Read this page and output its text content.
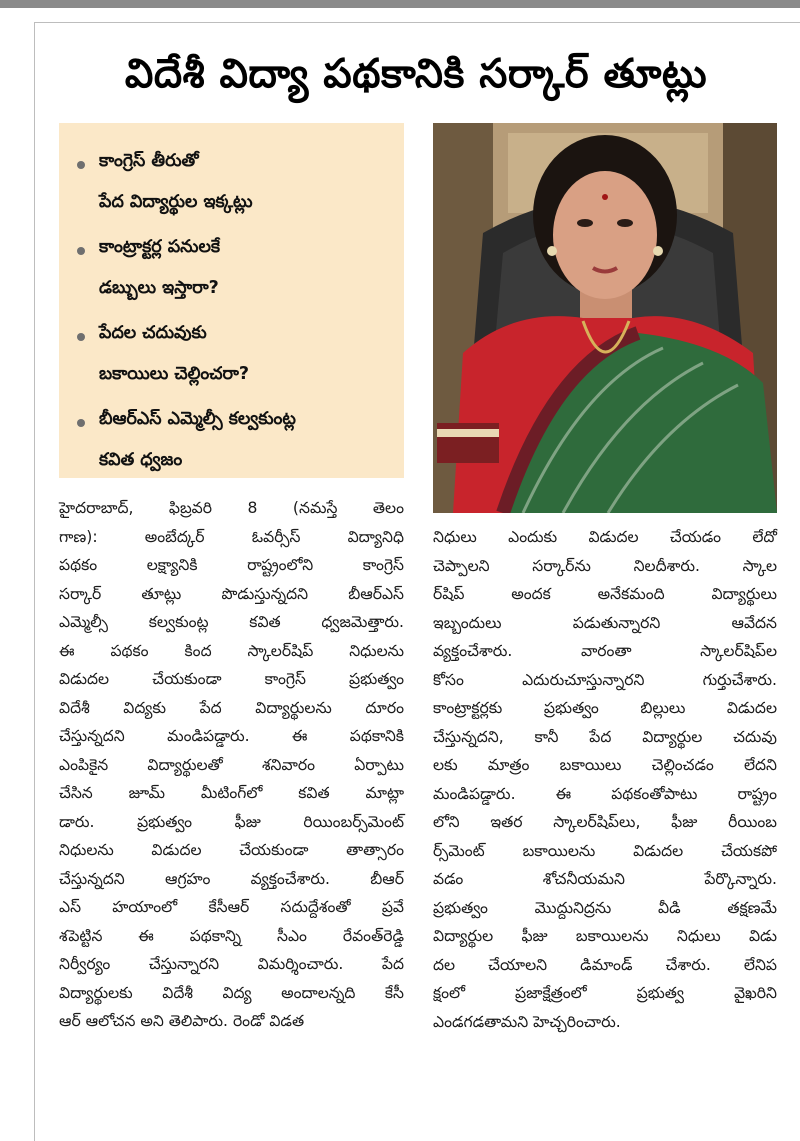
విదేశీ విద్యా పథకానికి సర్కార్ తూట్లు
కాంగ్రెస్ తీరుతో
పేద విద్యార్థుల ఇక్కట్లు
కాంట్రాక్టర్ల పనులకే
డబ్బులు ఇస్తారా?
పేదల చదువుకు
బకాయిలు చెల్లించరా?
బీఆర్ఎస్ ఎమ్మెల్సీ కల్వకుంట్ల
కవిత ధ్వజం

హైదరాబాద్, ఫిబ్రవరి 8 (నమస్తే తెలం

గాణ): అంబేద్కర్ ఓవర్సీస్ విద్యానిధి

పథకం లక్ష్యానికి రాష్ట్రంలోని కాంగ్రెస్

సర్కార్ తూట్లు పొడుస్తున్నదని బీఆర్ఎస్

ఎమ్మెల్సీ కల్వకుంట్ల కవిత ధ్వజమెత్తారు.

ఈ పథకం కింద స్కాలర్‌షిప్ నిధులను

విడుదల చేయకుండా కాంగ్రెస్ ప్రభుత్వం

విదేశీ విద్యకు పేద విద్యార్థులను దూరం

చేస్తున్నదని మండిపడ్డారు. ఈ పథకానికి

ఎంపికైన విద్యార్థులతో శనివారం ఏర్పాటు

చేసిన జూమ్ మీటింగ్‌లో కవిత మాట్లా

డారు. ప్రభుత్వం ఫీజు రియింబర్స్‌మెంట్

నిధులను విడుదల చేయకుండా తాత్సారం

చేస్తున్నదని ఆగ్రహం వ్యక్తంచేశారు. బీఆర్

ఎస్ హయాంలో కేసీఆర్ సదుద్దేశంతో ప్రవే

శపెట్టిన ఈ పథకాన్ని సీఎం రేవంత్‌రెడ్డి

నిర్వీర్యం చేస్తున్నారని విమర్శించారు. పేద

విద్యార్థులకు విదేశీ విద్య అందాలన్నది కేసీ

ఆర్ ఆలోచన అని తెలిపారు. రెండో విడత

నిధులు ఎందుకు విడుదల చేయడం లేదో

చెప్పాలని సర్కార్‌ను నిలదీశారు. స్కాల

ర్‌షిప్ అందక అనేకమంది విద్యార్థులు

ఇబ్బందులు పడుతున్నారని ఆవేదన

వ్యక్తంచేశారు. వారంతా స్కాలర్‌షిప్‌ల

కోసం ఎదురుచూస్తున్నారని గుర్తుచేశారు.

కాంట్రాక్టర్లకు ప్రభుత్వం బిల్లులు విడుదల

చేస్తున్నదని, కానీ పేద విద్యార్థుల చదువు

లకు మాత్రం బకాయిలు చెల్లించడం లేదని

మండిపడ్డారు. ఈ పథకంతోపాటు రాష్ట్రం

లోని ఇతర స్కాలర్‌షిప్‌లు, ఫీజు రీయింబ

ర్స్‌మెంట్ బకాయిలను విడుదల చేయకపో

వడం శోచనీయమని పేర్కొన్నారు.

ప్రభుత్వం మొద్దునిద్రను వీడి తక్షణమే

విద్యార్థుల ఫీజు బకాయిలను నిధులు విడు

దల చేయాలని డిమాండ్ చేశారు. లేనిప

క్షంలో ప్రజాక్షేత్రంలో ప్రభుత్వ వైఖరిని

ఎండగడతామని హెచ్చరించారు.
